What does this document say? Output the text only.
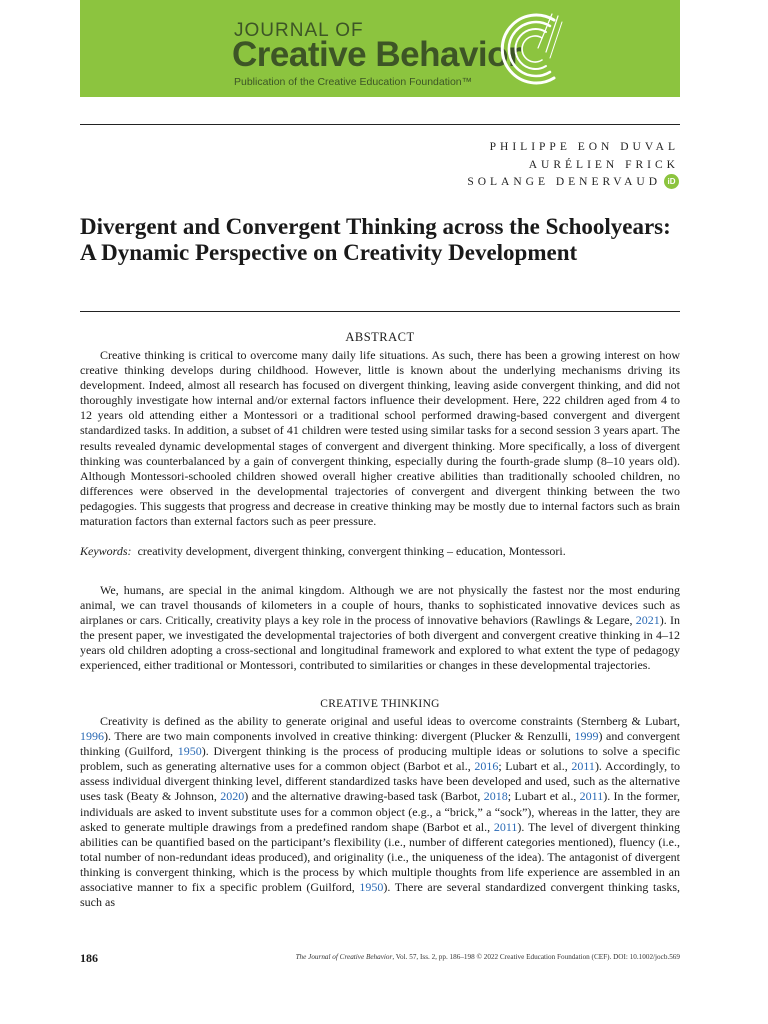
JOURNAL OF
Creative Behavior
Publication of the Creative Education Foundation™
PHILIPPE EON DUVAL
AURÉLIEN FRICK
SOLANGE DENERVAUD iD
Divergent and Convergent Thinking across the Schoolyears: A Dynamic Perspective on Creativity Development
ABSTRACT

Creative thinking is critical to overcome many daily life situations. As such, there has been a growing interest on how creative thinking develops during childhood. However, little is known about the underlying mechanisms driving its development. Indeed, almost all research has focused on divergent thinking, leaving aside convergent thinking, and did not thoroughly investigate how internal and/or external factors influence their development. Here, 222 children aged from 4 to 12 years old attending either a Montessori or a traditional school performed drawing-based convergent and divergent standardized tasks. In addition, a subset of 41 children were tested using similar tasks for a second session 3 years apart. The results revealed dynamic developmental stages of convergent and divergent thinking. More specifically, a loss of divergent thinking was counterbalanced by a gain of convergent thinking, especially during the fourth-grade slump (8–10 years old). Although Montessori-schooled children showed overall higher creative abilities than traditionally schooled children, no differences were observed in the developmental trajectories of convergent and divergent thinking between the two pedagogies. This suggests that progress and decrease in creative thinking may be mostly due to internal factors such as brain maturation factors than external factors such as peer pressure.

Keywords: creativity development, divergent thinking, convergent thinking – education, Montessori.

We, humans, are special in the animal kingdom. Although we are not physically the fastest nor the most enduring animal, we can travel thousands of kilometers in a couple of hours, thanks to sophisticated innovative devices such as airplanes or cars. Critically, creativity plays a key role in the process of innovative behaviors (Rawlings & Legare, 2021). In the present paper, we investigated the developmental trajectories of both divergent and convergent creative thinking in 4–12 years old children adopting a cross-sectional and longitudinal framework and explored to what extent the type of pedagogy experienced, either traditional or Montessori, contributed to similarities or changes in these developmental trajectories.

CREATIVE THINKING

Creativity is defined as the ability to generate original and useful ideas to overcome constraints (Sternberg & Lubart, 1996). There are two main components involved in creative thinking: divergent (Plucker & Renzulli, 1999) and convergent thinking (Guilford, 1950). Divergent thinking is the process of producing multiple ideas or solutions to solve a specific problem, such as generating alternative uses for a common object (Barbot et al., 2016; Lubart et al., 2011). Accordingly, to assess individual divergent thinking level, different standardized tasks have been developed and used, such as the alternative uses task (Beaty & Johnson, 2020) and the alternative drawing-based task (Barbot, 2018; Lubart et al., 2011). In the former, individuals are asked to invent substitute uses for a common object (e.g., a “brick,” a “sock”), whereas in the latter, they are asked to generate multiple drawings from a predefined random shape (Barbot et al., 2011). The level of divergent thinking abilities can be quantified based on the participant’s flexibility (i.e., number of different categories mentioned), fluency (i.e., total number of non-redundant ideas produced), and originality (i.e., the uniqueness of the idea). The antagonist of divergent thinking is convergent thinking, which is the process by which multiple thoughts from life experience are assembled in an associative manner to fix a specific problem (Guilford, 1950). There are several standardized convergent thinking tasks, such as

186	The Journal of Creative Behavior, Vol. 57, Iss. 2, pp. 186–198 © 2022 Creative Education Foundation (CEF). DOI: 10.1002/jocb.569
